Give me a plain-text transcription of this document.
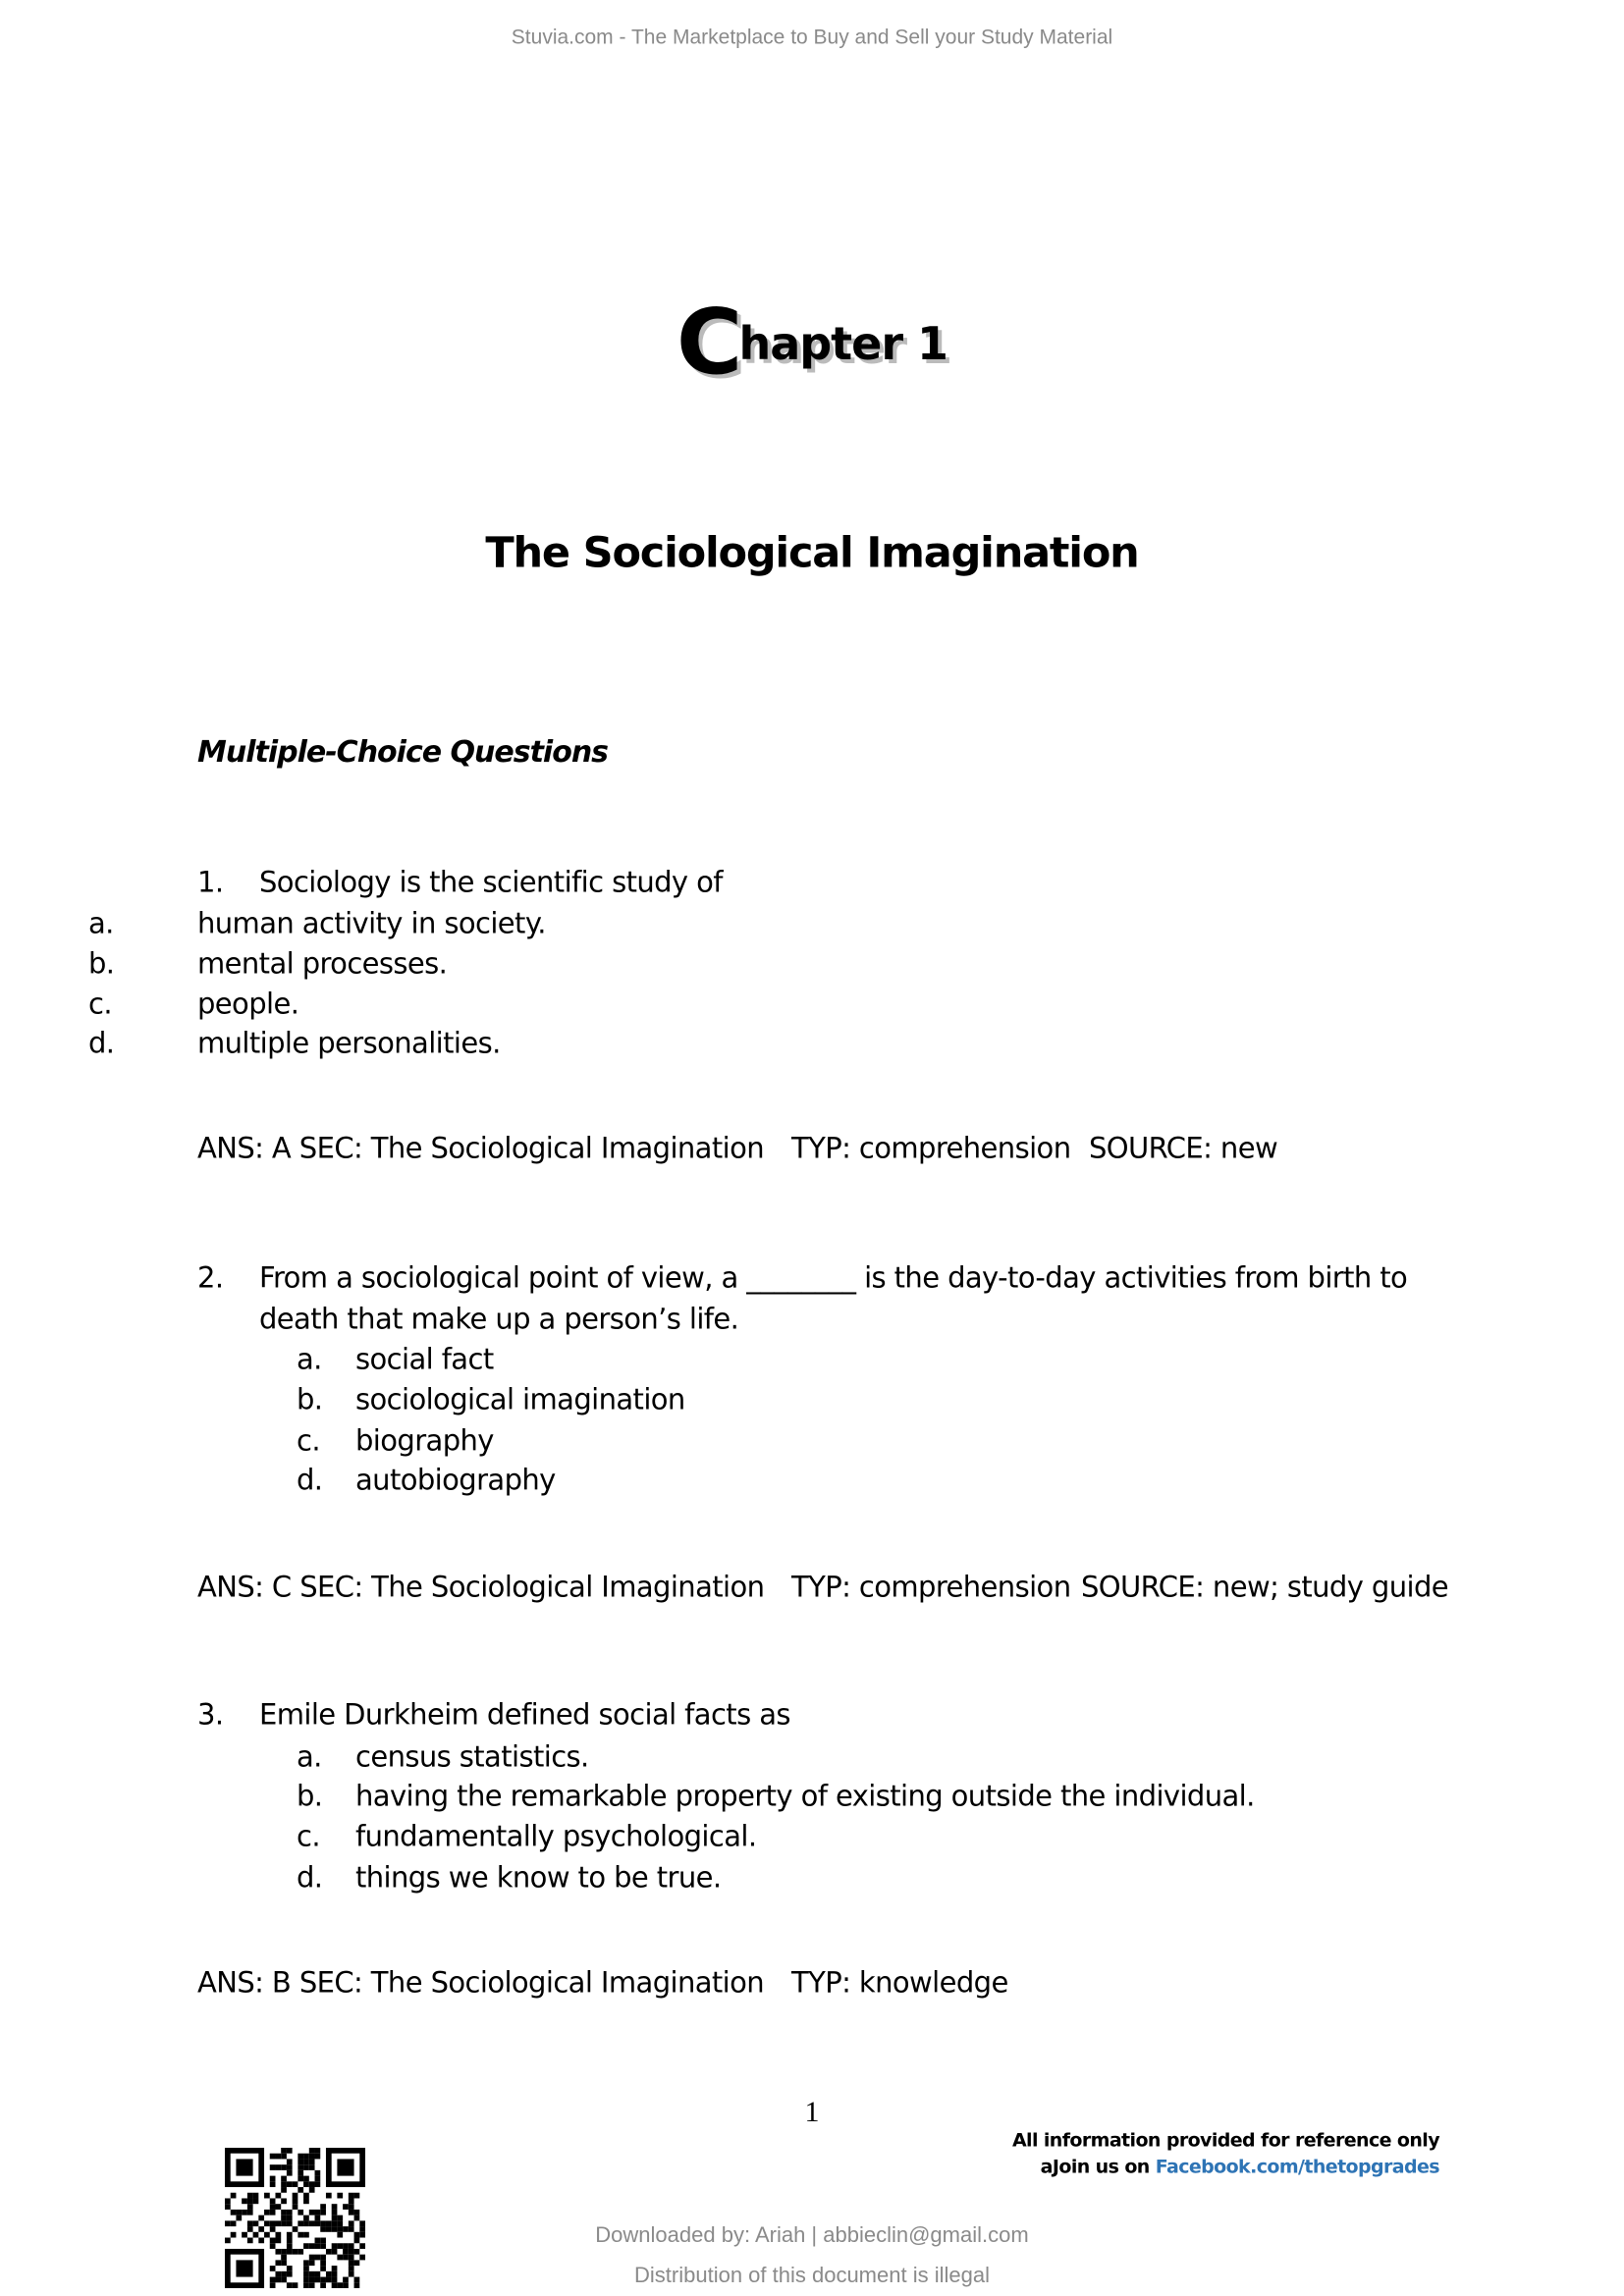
Stuvia.com - The Marketplace to Buy and Sell your Study Material
Chapter 1
The Sociological Imagination
Multiple-Choice Questions
1. Sociology is the scientific study of
a.	human activity in society.
b.	mental processes.
c.	people.
d.	multiple personalities.
ANS: A SEC: The Sociological Imagination TYP: comprehension SOURCE: new
2. From a sociological point of view, a ________ is the day-to-day activities from birth to
death that make up a person’s life.
a. social fact
b. sociological imagination
c. biography
d. autobiography
ANS: C SEC: The Sociological Imagination TYP: comprehension SOURCE: new; study guide
3. Emile Durkheim defined social facts as
a. census statistics.
b. having the remarkable property of existing outside the individual.
c. fundamentally psychological.
d. things we know to be true.
ANS: B SEC: The Sociological Imagination TYP: knowledge
1
All information provided for reference only
aJoin us on Facebook.com/thetopgrades
Downloaded by: Ariah | abbieclin@gmail.com
Distribution of this document is illegal
